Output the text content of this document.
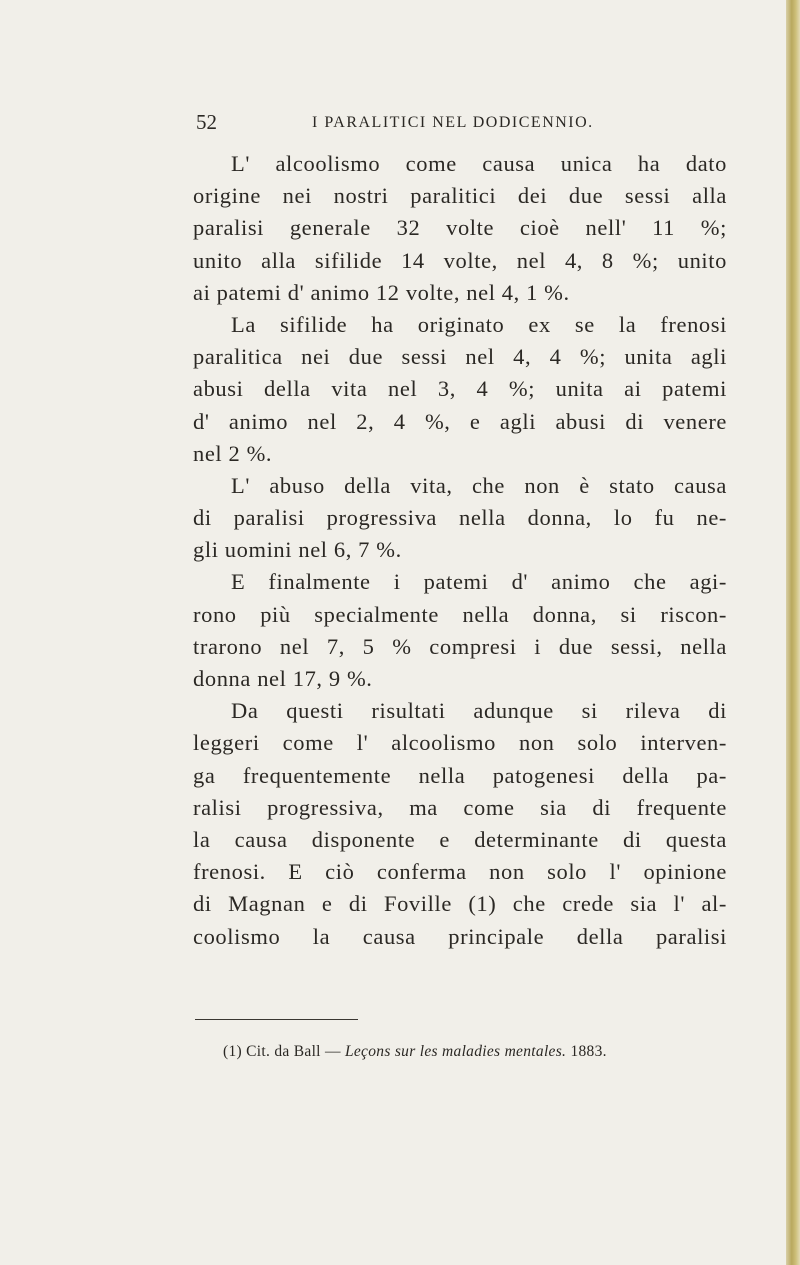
52	I PARALITICI NEL DODICENNIO.
L' alcoolismo come causa unica ha dato
origine nei nostri paralitici dei due sessi alla
paralisi generale 32 volte cioè nell' 11 %;
unito alla sifilide 14 volte, nel 4, 8 %; unito
ai patemi d' animo 12 volte, nel 4, 1 %.
La sifilide ha originato ex se la frenosi
paralitica nei due sessi nel 4, 4 %; unita agli
abusi della vita nel 3, 4 %; unita ai patemi
d' animo nel 2, 4 %, e agli abusi di venere
nel 2 %.
L' abuso della vita, che non è stato causa
di paralisi progressiva nella donna, lo fu ne-
gli uomini nel 6, 7 %.
E finalmente i patemi d' animo che agi-
rono più specialmente nella donna, si riscon-
trarono nel 7, 5 % compresi i due sessi, nella
donna nel 17, 9 %.
Da questi risultati adunque si rileva di
leggeri come l' alcoolismo non solo interven-
ga frequentemente nella patogenesi della pa-
ralisi progressiva, ma come sia di frequente
la causa disponente e determinante di questa
frenosi. E ciò conferma non solo l' opinione
di Magnan e di Foville (1) che crede sia l' al-
coolismo la causa principale della paralisi
(1) Cit. da Ball — Leçons sur les maladies mentales. 1883.
